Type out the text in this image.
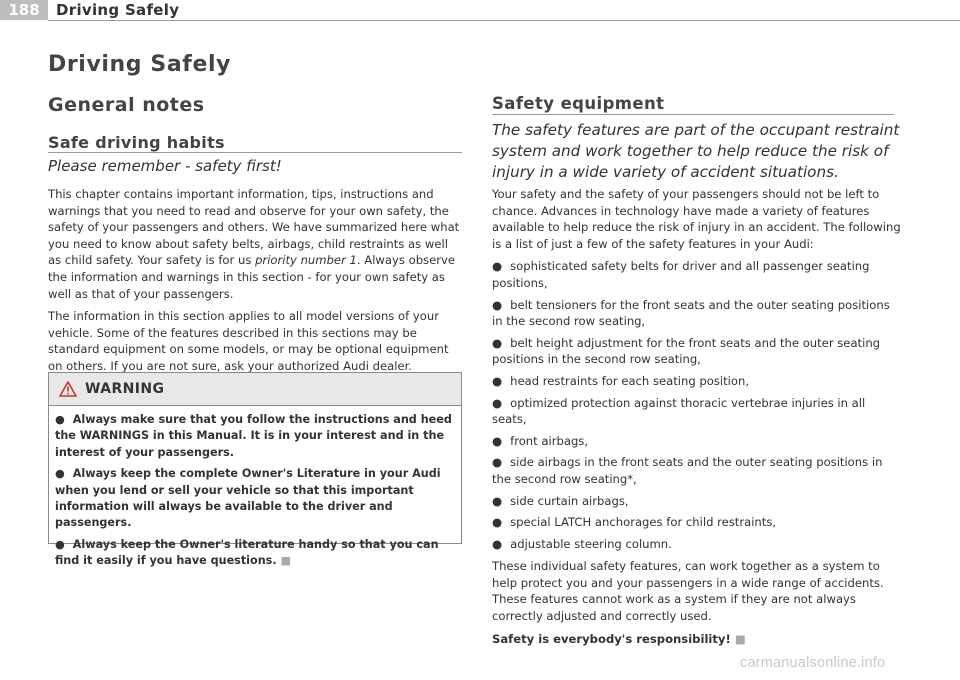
188	Driving Safely
Driving Safely
General notes
Safe driving habits
Please remember - safety first!

This chapter contains important information, tips, instructions and warnings that you need to read and observe for your own safety, the safety of your passengers and others. We have summarized here what you need to know about safety belts, airbags, child restraints as well as child safety. Your safety is for us priority number 1. Always observe the information and warnings in this section - for your own safety as well as that of your passengers.

The information in this section applies to all model versions of your vehicle. Some of the features described in this sections may be standard equipment on some models, or may be optional equipment on others. If you are not sure, ask your authorized Audi dealer.

WARNING
● Always make sure that you follow the instructions and heed the WARNINGS in this Manual. It is in your interest and in the interest of your passengers.
● Always keep the complete Owner's Literature in your Audi when you lend or sell your vehicle so that this important information will always be available to the driver and passengers.
● Always keep the Owner's literature handy so that you can find it easily if you have questions. ■
Safety equipment
The safety features are part of the occupant restraint system and work together to help reduce the risk of injury in a wide variety of accident situations.

Your safety and the safety of your passengers should not be left to chance. Advances in technology have made a variety of features available to help reduce the risk of injury in an accident. The following is a list of just a few of the safety features in your Audi:

● sophisticated safety belts for driver and all passenger seating positions,
● belt tensioners for the front seats and the outer seating positions in the second row seating,
● belt height adjustment for the front seats and the outer seating positions in the second row seating,
● head restraints for each seating position,
● optimized protection against thoracic vertebrae injuries in all seats,
● front airbags,
● side airbags in the front seats and the outer seating positions in the second row seating*,
● side curtain airbags,
● special LATCH anchorages for child restraints,
● adjustable steering column.

These individual safety features, can work together as a system to help protect you and your passengers in a wide range of accidents. These features cannot work as a system if they are not always correctly adjusted and correctly used.

Safety is everybody's responsibility! ■
carmanualsonline.info
